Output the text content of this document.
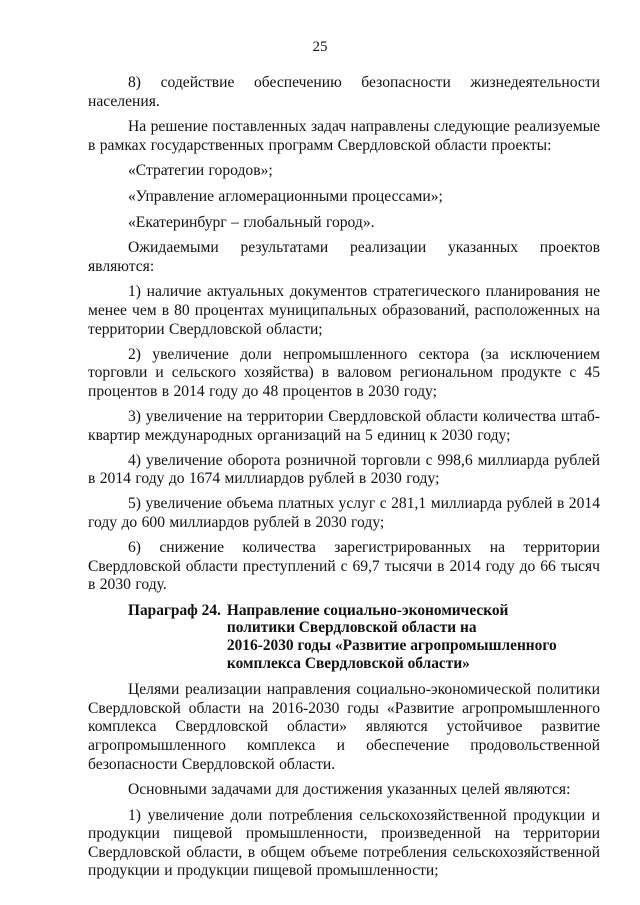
25

8) содействие обеспечению безопасности жизнедеятельности населения.

На решение поставленных задач направлены следующие реализуемые в рамках государственных программ Свердловской области проекты:

«Стратегии городов»;

«Управление агломерационными процессами»;

«Екатеринбург – глобальный город».

Ожидаемыми результатами реализации указанных проектов являются:

1) наличие актуальных документов стратегического планирования не менее чем в 80 процентах муниципальных образований, расположенных на территории Свердловской области;

2) увеличение доли непромышленного сектора (за исключением торговли и сельского хозяйства) в валовом региональном продукте с 45 процентов в 2014 году до 48 процентов в 2030 году;

3) увеличение на территории Свердловской области количества штаб-квартир международных организаций на 5 единиц к 2030 году;

4) увеличение оборота розничной торговли с 998,6 миллиарда рублей в 2014 году до 1674 миллиардов рублей в 2030 году;

5) увеличение объема платных услуг с 281,1 миллиарда рублей в 2014 году до 600 миллиардов рублей в 2030 году;

6) снижение количества зарегистрированных на территории Свердловской области преступлений с 69,7 тысячи в 2014 году до 66 тысяч в 2030 году.

Параграф 24. Направление социально-экономической
политики Свердловской области на
2016-2030 годы «Развитие агропромышленного
комплекса Свердловской области»

Целями реализации направления социально-экономической политики Свердловской области на 2016-2030 годы «Развитие агропромышленного комплекса Свердловской области» являются устойчивое развитие агропромышленного комплекса и обеспечение продовольственной безопасности Свердловской области.

Основными задачами для достижения указанных целей являются:

1) увеличение доли потребления сельскохозяйственной продукции и продукции пищевой промышленности, произведенной на территории Свердловской области, в общем объеме потребления сельскохозяйственной продукции и продукции пищевой промышленности;
